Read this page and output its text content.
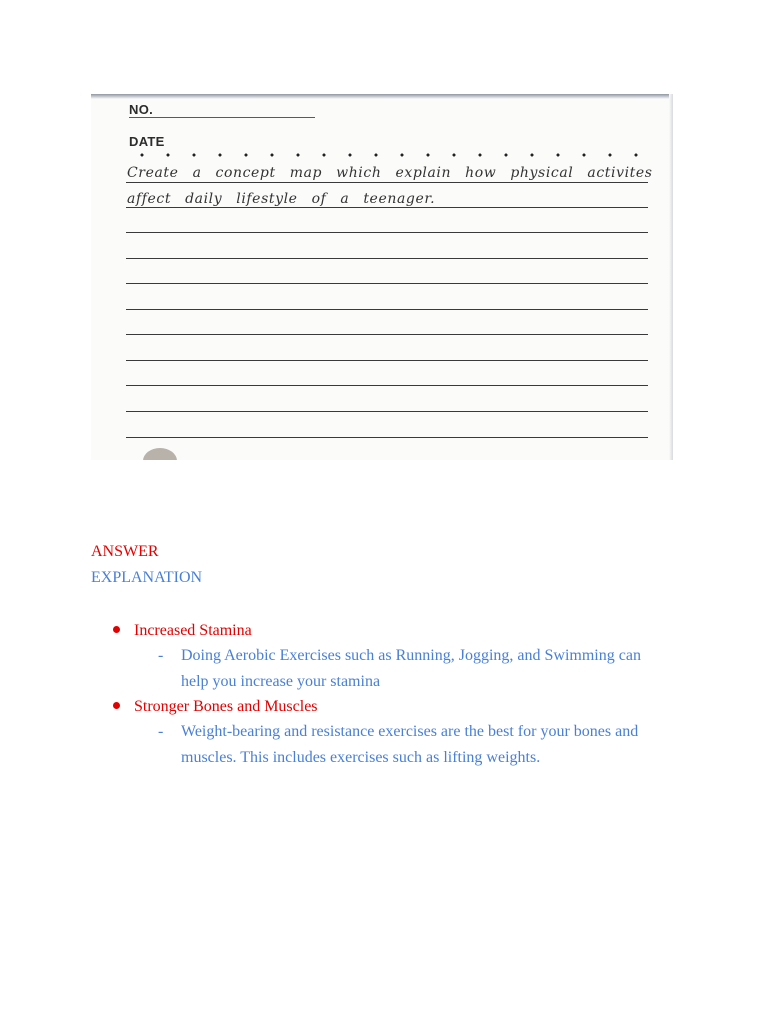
NO.
DATE
Create a concept map which explain how physical activites
affect daily lifestyle of a teenager.
ANSWER
EXPLANATION
Increased Stamina
- Doing Aerobic Exercises such as Running, Jogging, and Swimming can help you increase your stamina
Stronger Bones and Muscles
- Weight-bearing and resistance exercises are the best for your bones and muscles. This includes exercises such as lifting weights.
